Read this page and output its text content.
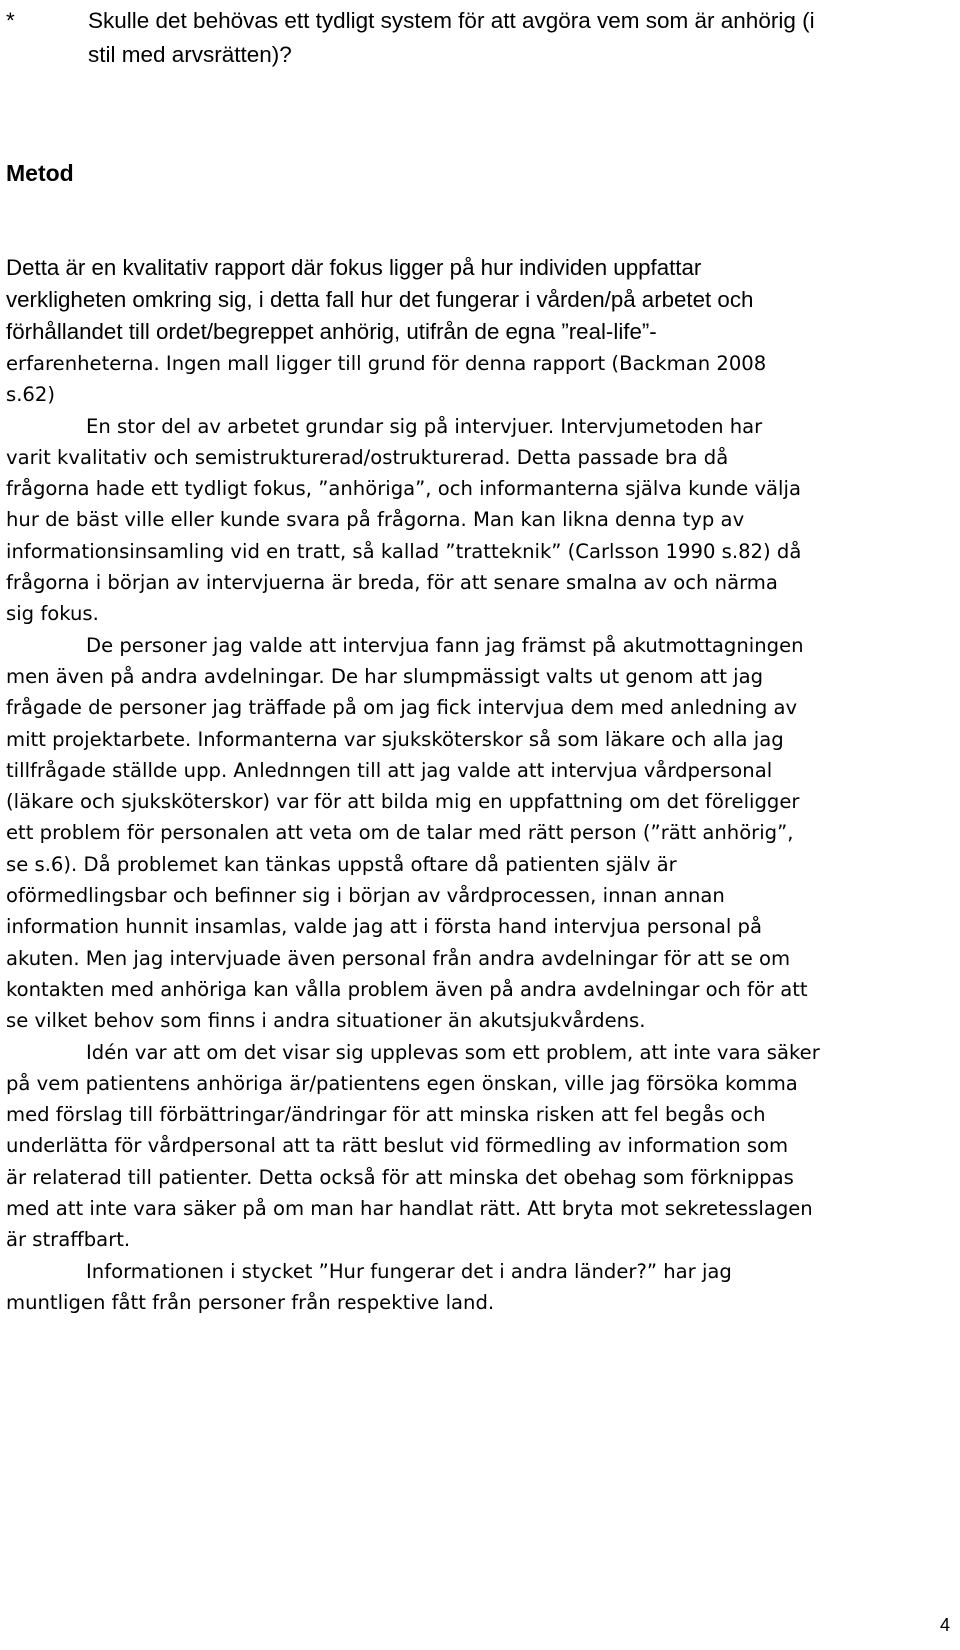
*	Skulle det behövas ett tydligt system för att avgöra vem som är anhörig (i
stil med arvsrätten)?
Metod
Detta är en kvalitativ rapport där fokus ligger på hur individen uppfattar
verkligheten omkring sig, i detta fall hur det fungerar i vården/på arbetet och
förhållandet till ordet/begreppet anhörig, utifrån de egna ”real-life”-
erfarenheterna. Ingen mall ligger till grund för denna rapport (Backman 2008
s.62)
En stor del av arbetet grundar sig på intervjuer. Intervjumetoden har
varit kvalitativ och semistrukturerad/ostrukturerad. Detta passade bra då
frågorna hade ett tydligt fokus, ”anhöriga”, och informanterna själva kunde välja
hur de bäst ville eller kunde svara på frågorna. Man kan likna denna typ av
informationsinsamling vid en tratt, så kallad ”tratteknik” (Carlsson 1990 s.82) då
frågorna i början av intervjuerna är breda, för att senare smalna av och närma
sig fokus.
De personer jag valde att intervjua fann jag främst på akutmottagningen
men även på andra avdelningar. De har slumpmässigt valts ut genom att jag
frågade de personer jag träffade på om jag fick intervjua dem med anledning av
mitt projektarbete. Informanterna var sjuksköterskor så som läkare och alla jag
tillfrågade ställde upp. Anlednngen till att jag valde att intervjua vårdpersonal
(läkare och sjuksköterskor) var för att bilda mig en uppfattning om det föreligger
ett problem för personalen att veta om de talar med rätt person (”rätt anhörig”,
se s.6). Då problemet kan tänkas uppstå oftare då patienten själv är
oförmedlingsbar och befinner sig i början av vårdprocessen, innan annan
information hunnit insamlas, valde jag att i första hand intervjua personal på
akuten. Men jag intervjuade även personal från andra avdelningar för att se om
kontakten med anhöriga kan vålla problem även på andra avdelningar och för att
se vilket behov som finns i andra situationer än akutsjukvårdens.
Idén var att om det visar sig upplevas som ett problem, att inte vara säker
på vem patientens anhöriga är/patientens egen önskan, ville jag försöka komma
med förslag till förbättringar/ändringar för att minska risken att fel begås och
underlätta för vårdpersonal att ta rätt beslut vid förmedling av information som
är relaterad till patienter. Detta också för att minska det obehag som förknippas
med att inte vara säker på om man har handlat rätt. Att bryta mot sekretesslagen
är straffbart.
Informationen i stycket ”Hur fungerar det i andra länder?” har jag
muntligen fått från personer från respektive land.
4
